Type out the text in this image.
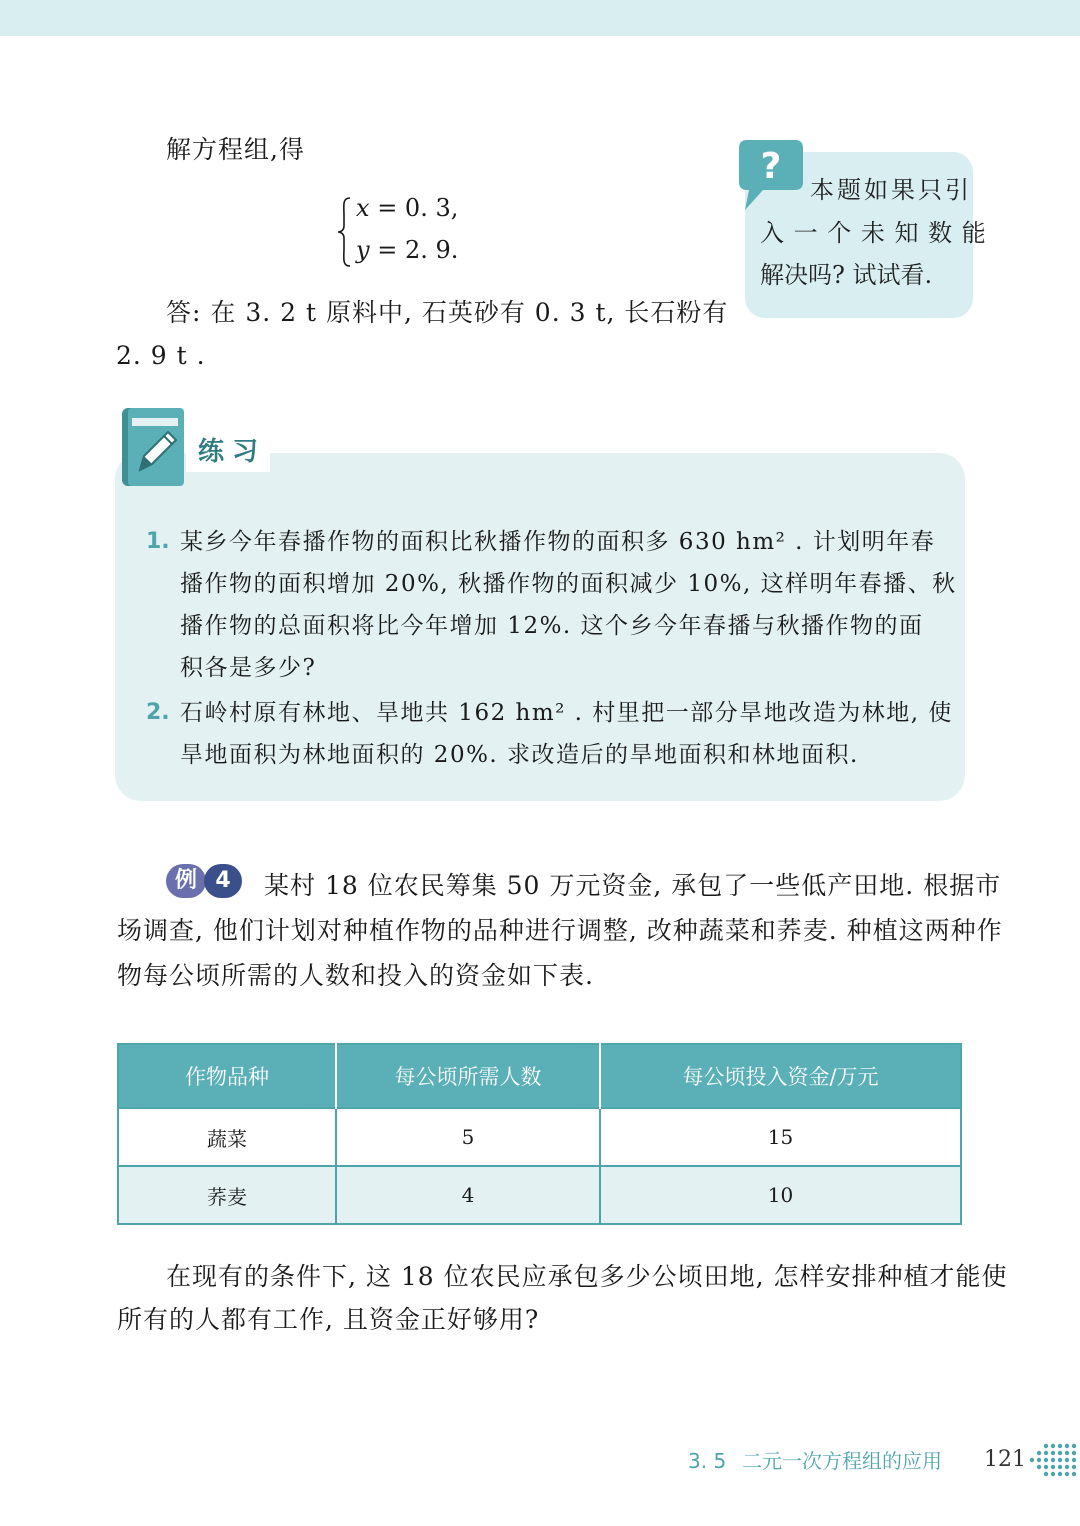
解方程组,得
x = 0. 3,
y = 2. 9.
答: 在 3. 2 t 原料中, 石英砂有 0. 3 t, 长石粉有
2. 9 t .
?
本题如果只引
入 一 个 未 知 数 能
解决吗? 试试看.
练习
1. 某乡今年春播作物的面积比秋播作物的面积多 630 hm² . 计划明年春
播作物的面积增加 20%, 秋播作物的面积减少 10%, 这样明年春播、秋
播作物的总面积将比今年增加 12%. 这个乡今年春播与秋播作物的面
积各是多少?
2. 石岭村原有林地、旱地共 162 hm² . 村里把一部分旱地改造为林地, 使
旱地面积为林地面积的 20%. 求改造后的旱地面积和林地面积.
例 4	某村 18 位农民筹集 50 万元资金, 承包了一些低产田地. 根据市
场调查, 他们计划对种植作物的品种进行调整, 改种蔬菜和荞麦. 种植这两种作
物每公顷所需的人数和投入的资金如下表.
作物品种	每公顷所需人数	每公顷投入资金/万元
蔬菜	5	15
荞麦	4	10
在现有的条件下, 这 18 位农民应承包多少公顷田地, 怎样安排种植才能使
所有的人都有工作, 且资金正好够用?
3. 5 二元一次方程组的应用 121
